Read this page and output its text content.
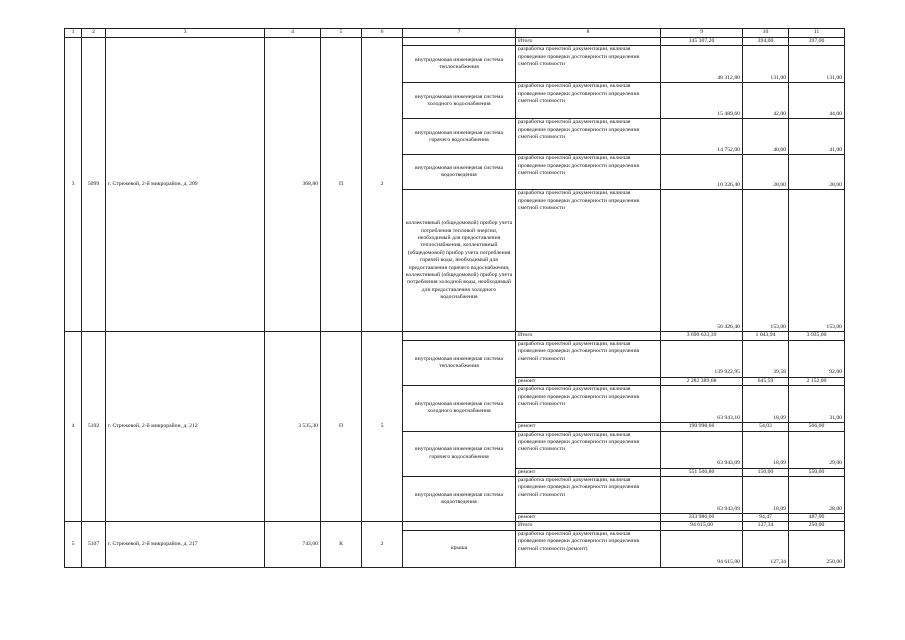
1	2	3	4	5	6	7	8	9	10	11
3	5099	г. Стрежевой, 2-й микрорайон, д. 209	368,80	П	2		Итого	145 307,20	394,00	397,00
						внутридомовая инженерная система теплоснабжения	разработка проектной документации, включая проведение проверки достоверности определения сметной стоимости	48 312,80	131,00	131,00
						внутридомовая инженерная система холодного водоснабжения	разработка проектной документации, включая проведение проверки достоверности определения сметной стоимости	15 489,60	42,00	44,00
						внутридомовая инженерная система горячего водоснабжения	разработка проектной документации, включая проведение проверки достоверности определения сметной стоимости	14 752,00	40,00	41,00
						внутридомовая инженерная система водоотведения	разработка проектной документации, включая проведение проверки достоверности определения сметной стоимости	10 326,40	28,00	28,00
						коллективный (общедомовой) прибор учета потребления тепловой энергии, необходимый для предоставления теплоснабжения, коллективный (общедомовой) прибор учета потребления горячей воды, необходимый для предоставления горячего водоснабжения, коллективный (общедомовой) прибор учета потребления холодной воды, необходимый для предоставления холодного водоснабжения	разработка проектной документации, включая проведение проверки достоверности определения сметной стоимости	56 426,40	153,00	153,00
4	5102	г. Стрежевой, 2-й микрорайон, д. 212	3 535,30	П	5		Итого	3 690 633,39	1 043,94	3 935,00
						внутридомовая инженерная система теплоснабжения	разработка проектной документации, включая проведение проверки достоверности определения сметной стоимости	139 922,95	39,58	92,00
							ремонт	2 282 389,68	645,59	2 152,00
						внутридомовая инженерная система холодного водоснабжения	разработка проектной документации, включая проведение проверки достоверности определения сметной стоимости	63 943,10	18,09	31,00
							ремонт	190 998,66	54,03	566,00
						внутридомовая инженерная система горячего водоснабжения	разработка проектной документации, включая проведение проверки достоверности определения сметной стоимости	63 943,09	18,09	29,00
							ремонт	551 506,80	156,00	550,00
						внутридомовая инженерная система водоотведения	разработка проектной документации, включая проведение проверки достоверности определения сметной стоимости	63 943,09	18,09	28,00
							ремонт	333 986,00	94,47	487,00
5	5107	г. Стрежевой, 2-й микрорайон, д. 217	743,00	К	2		Итого	94 615,00	127,34	250,00
						крыша	разработка проектной документации, включая проведение проверки достоверности определения сметной стоимости (ремонт)	94 615,00	127,34	250,00
